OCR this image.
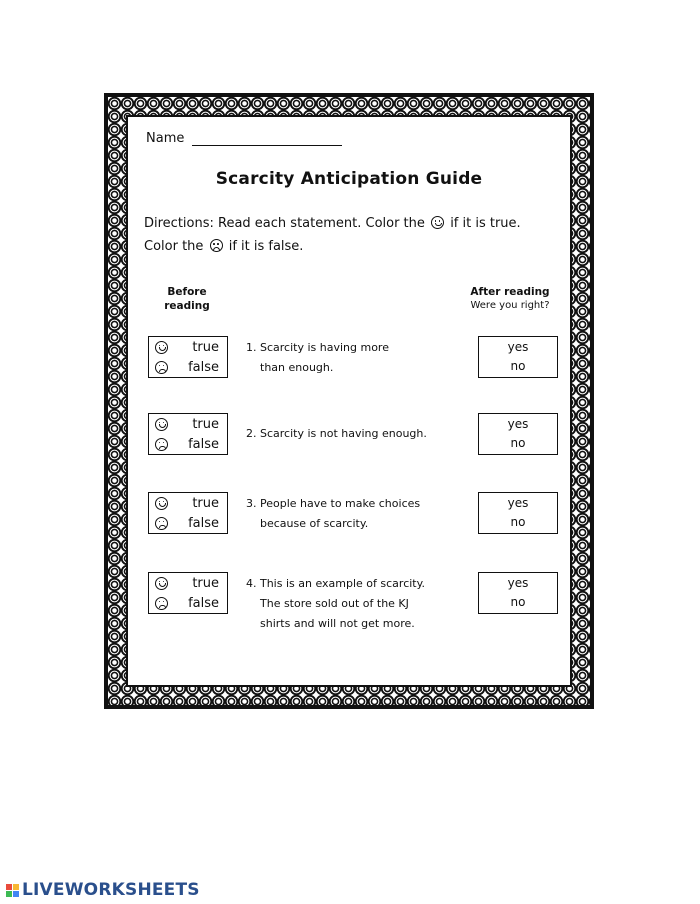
Name
Scarcity Anticipation Guide
Directions: Read each statement. Color the if it is true. Color the if it is false.
Before reading
After reading
Were you right?
true
false
1. Scarcity is having more
than enough.
yes
no
true
false
2. Scarcity is not having enough.
yes
no
true
false
3. People have to make choices
because of scarcity.
yes
no
true
false
4. This is an example of scarcity.
The store sold out of the KJ
shirts and will not get more.
yes
no
LIVEWORKSHEETS
